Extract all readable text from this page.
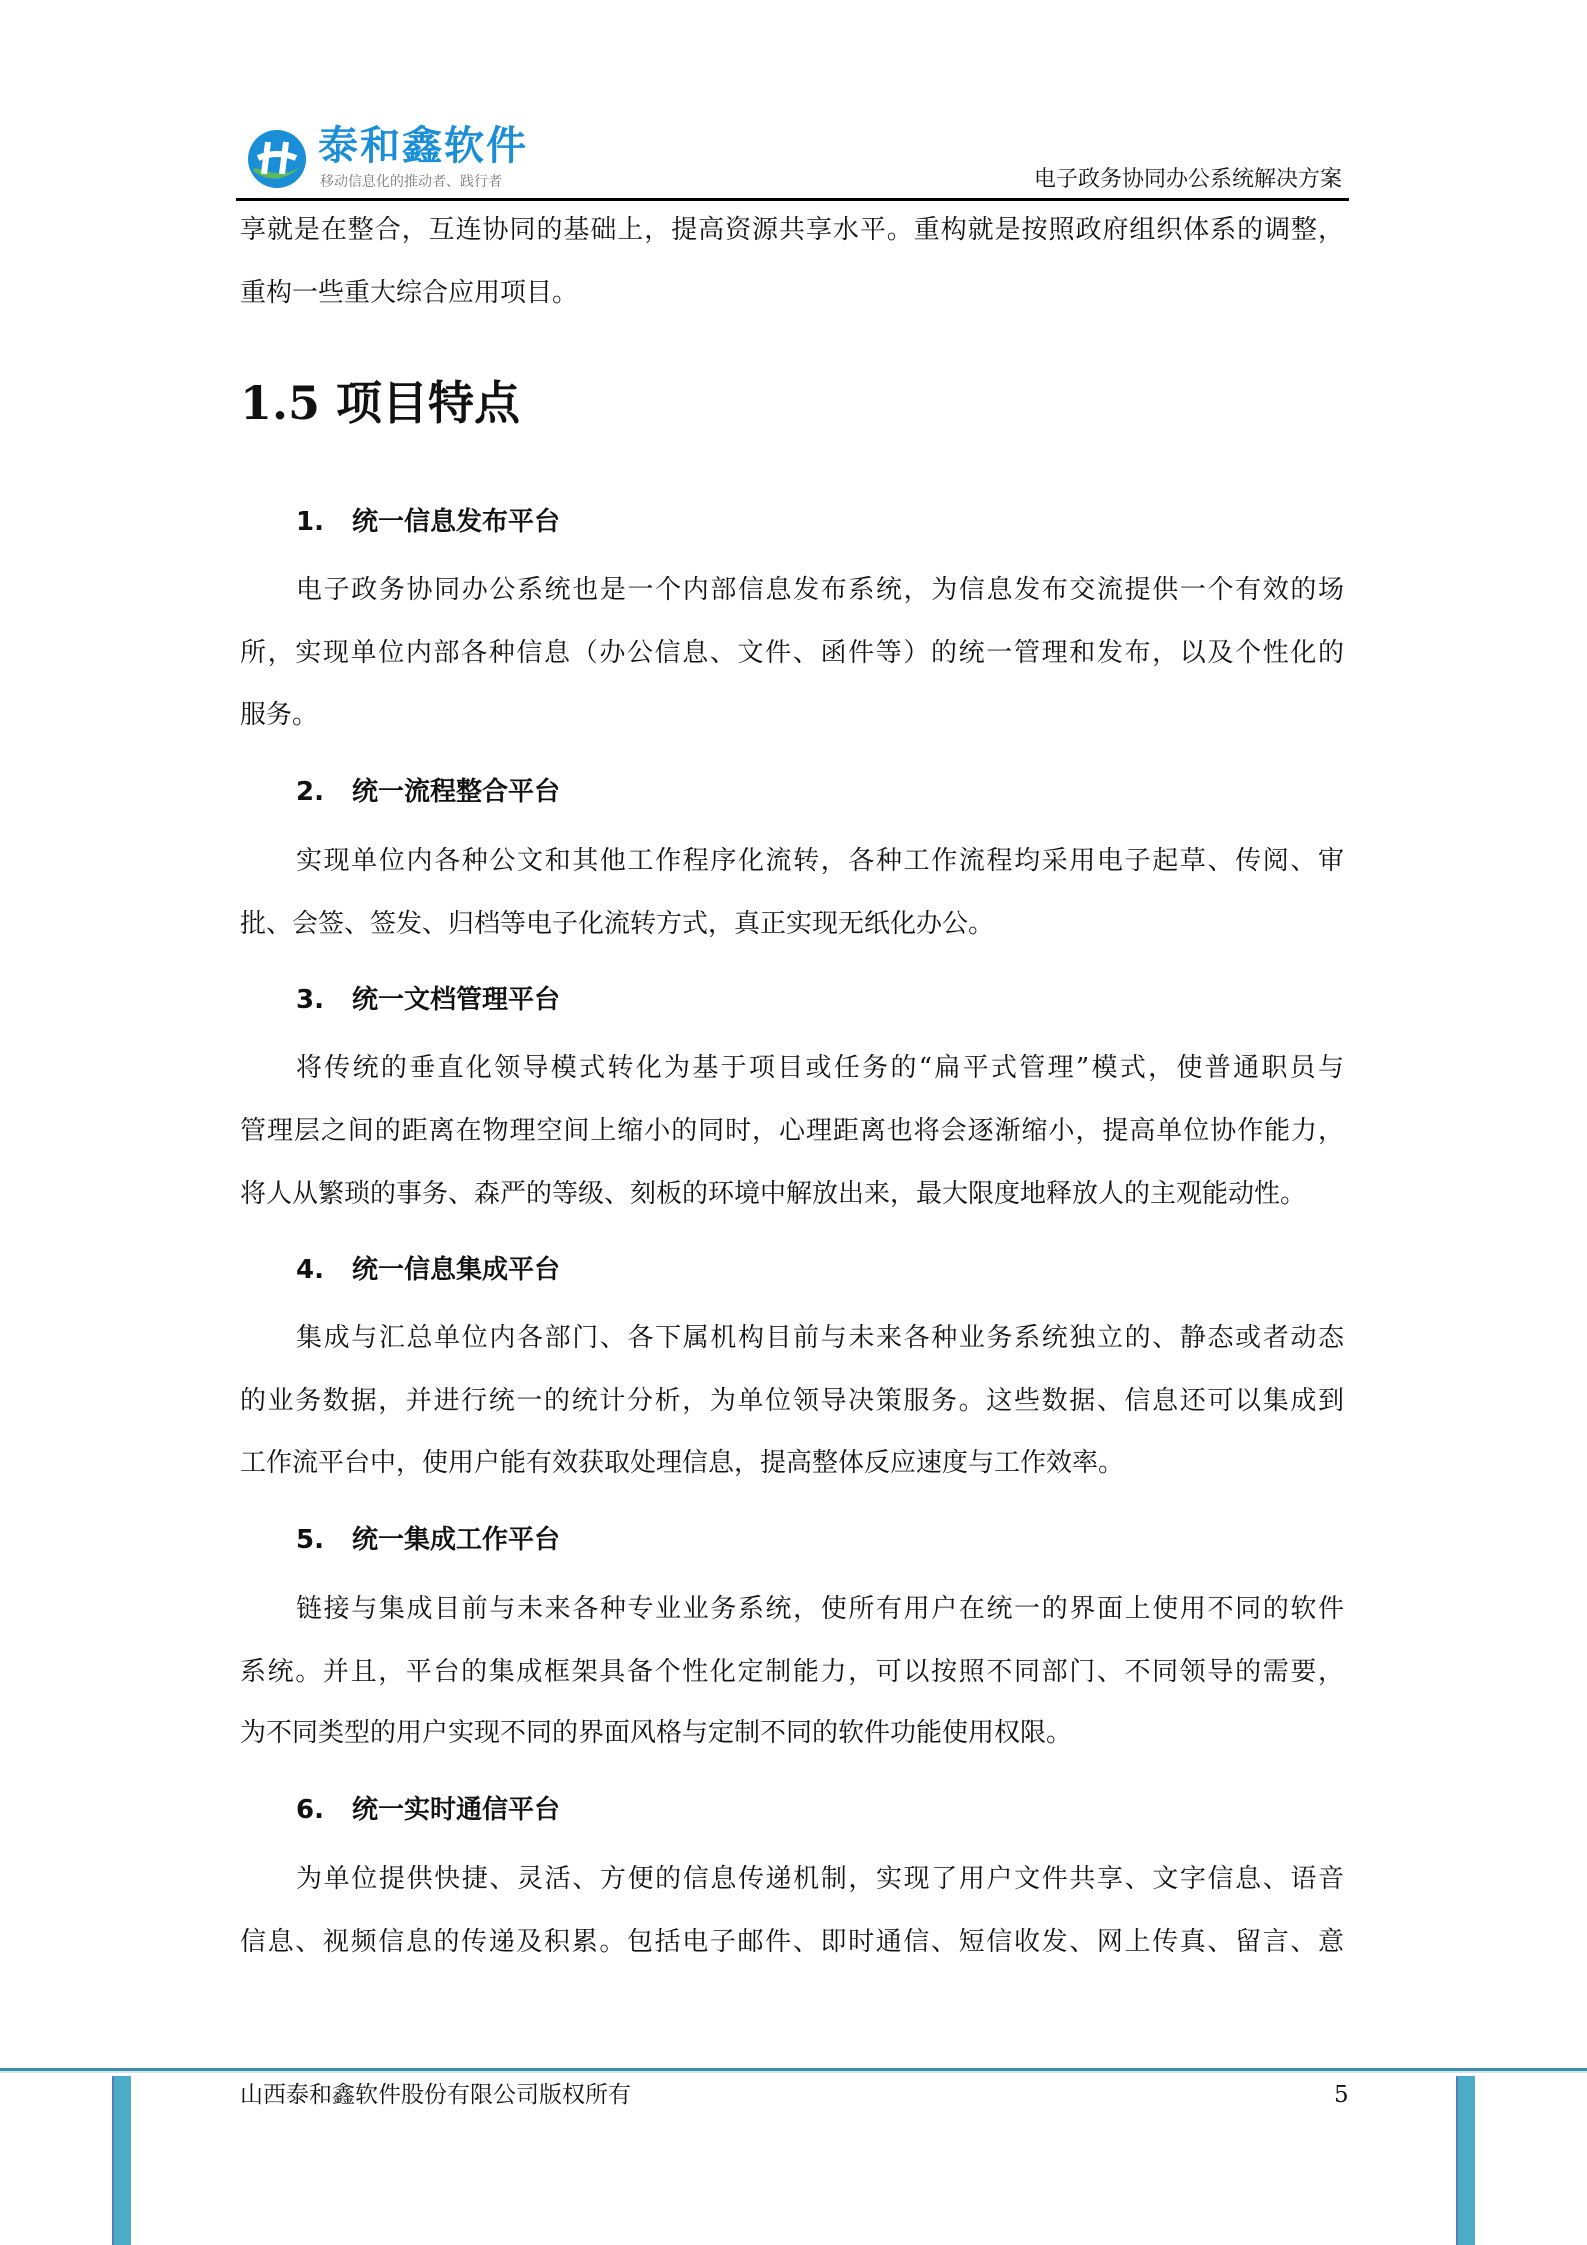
泰和鑫软件
移动信息化的推动者、践行者	电子政务协同办公系统解决方案
享就是在整合，互连协同的基础上，提高资源共享水平。重构就是按照政府组织体系的调整，
重构一些重大综合应用项目。
1.5 项目特点
1. 统一信息发布平台
电子政务协同办公系统也是一个内部信息发布系统，为信息发布交流提供一个有效的场
所，实现单位内部各种信息（办公信息、文件、函件等）的统一管理和发布，以及个性化的
服务。
2. 统一流程整合平台
实现单位内各种公文和其他工作程序化流转，各种工作流程均采用电子起草、传阅、审
批、会签、签发、归档等电子化流转方式，真正实现无纸化办公。
3. 统一文档管理平台
将传统的垂直化领导模式转化为基于项目或任务的“扁平式管理”模式，使普通职员与
管理层之间的距离在物理空间上缩小的同时，心理距离也将会逐渐缩小，提高单位协作能力，
将人从繁琐的事务、森严的等级、刻板的环境中解放出来，最大限度地释放人的主观能动性。
4. 统一信息集成平台
集成与汇总单位内各部门、各下属机构目前与未来各种业务系统独立的、静态或者动态
的业务数据，并进行统一的统计分析，为单位领导决策服务。这些数据、信息还可以集成到
工作流平台中，使用户能有效获取处理信息，提高整体反应速度与工作效率。
5. 统一集成工作平台
链接与集成目前与未来各种专业业务系统，使所有用户在统一的界面上使用不同的软件
系统。并且，平台的集成框架具备个性化定制能力，可以按照不同部门、不同领导的需要，
为不同类型的用户实现不同的界面风格与定制不同的软件功能使用权限。
6. 统一实时通信平台
为单位提供快捷、灵活、方便的信息传递机制，实现了用户文件共享、文字信息、语音
信息、视频信息的传递及积累。包括电子邮件、即时通信、短信收发、网上传真、留言、意
山西泰和鑫软件股份有限公司版权所有	5
